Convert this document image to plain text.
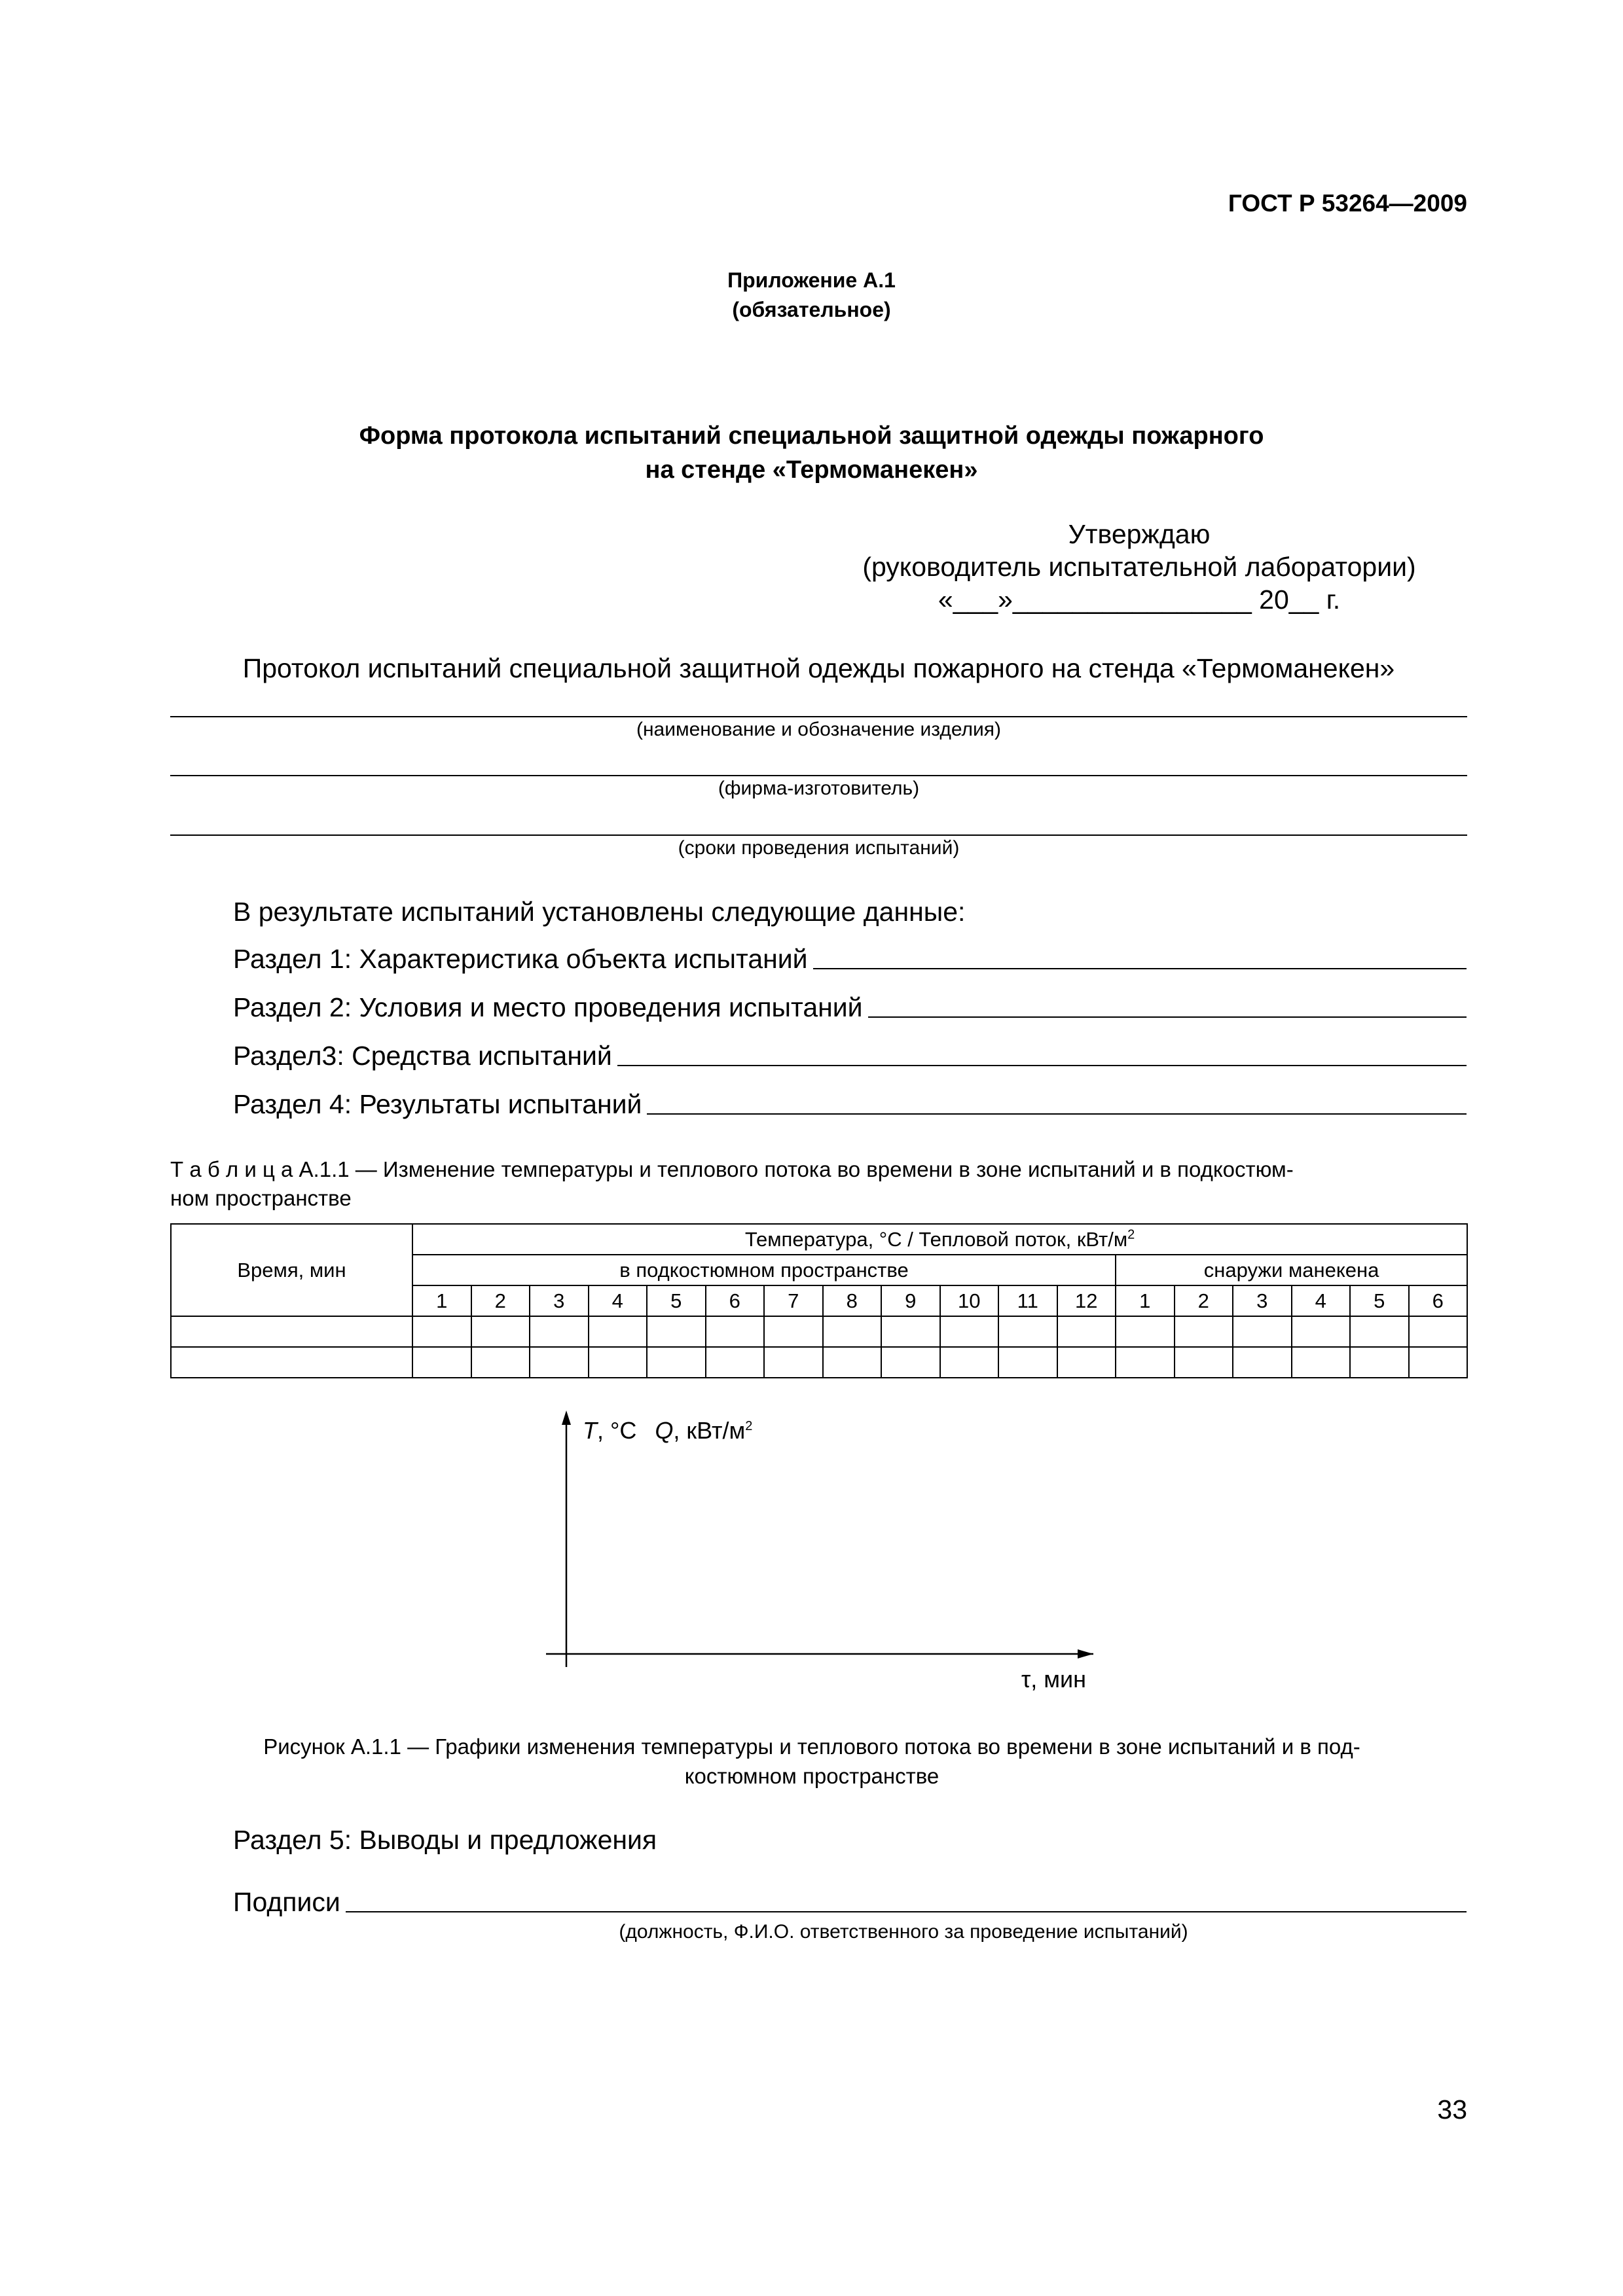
ГОСТ Р 53264—2009
Приложение А.1
(обязательное)
Форма протокола испытаний специальной защитной одежды пожарного
на стенде «Термоманекен»
Утверждаю
(руководитель испытательной лаборатории)
«___»________________ 20__ г.
Протокол испытаний специальной защитной одежды пожарного на стенда «Термоманекен»
(наименование и обозначение изделия)
(фирма-изготовитель)
(сроки проведения испытаний)
В результате испытаний установлены следующие данные:
Раздел 1: Характеристика объекта испытаний
Раздел 2: Условия и место проведения испытаний
Раздел3: Средства испытаний
Раздел 4: Результаты испытаний
Т а б л и ц а А.1.1 — Изменение температуры и теплового потока во времени в зоне испытаний и в подкостюм-
ном пространстве
Время, мин	Температура, °С / Тепловой поток, кВт/$м^2$
	в подкостюмном пространстве												снаружи манекена					
	1	2	3	4	5	6	7	8	9	10	11	12	1	2	3	4	5	6

T, °С Q, кВт/$м^2$
τ, мин
Рисунок А.1.1 — Графики изменения температуры и теплового потока во времени в зоне испытаний и в под-
костюмном пространстве
Раздел 5: Выводы и предложения
Подписи
(должность, Ф.И.О. ответственного за проведение испытаний)
33
